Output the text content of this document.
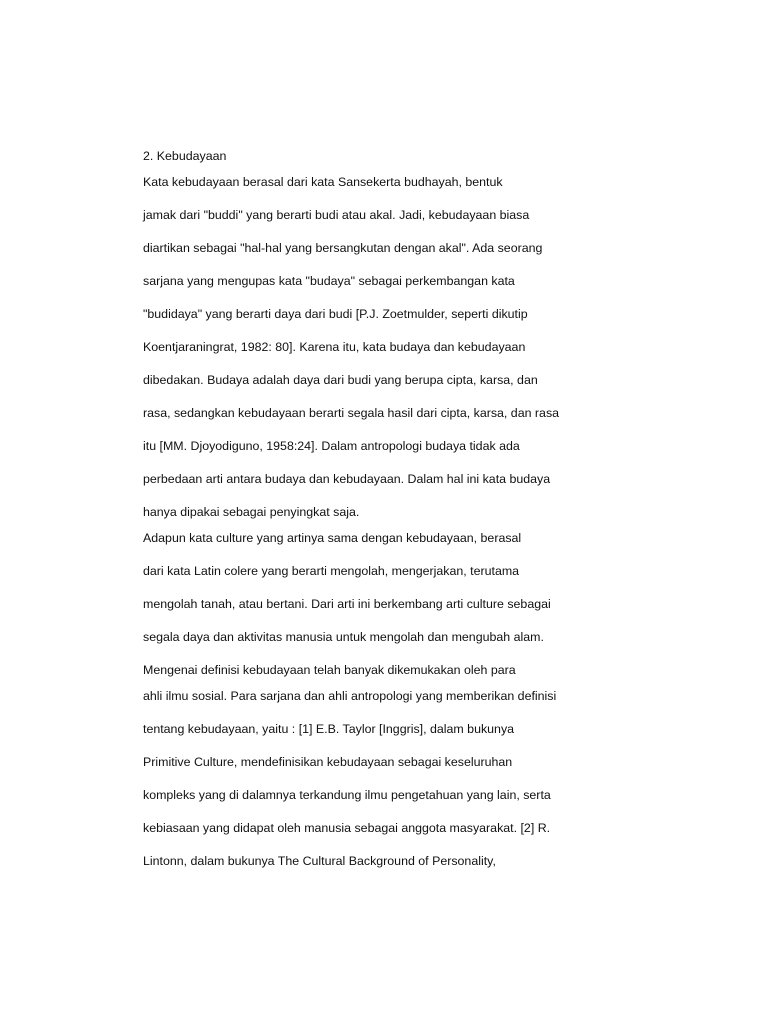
2. Kebudayaan
Kata kebudayaan berasal dari kata Sansekerta budhayah, bentuk
jamak dari "buddi" yang berarti budi atau akal. Jadi, kebudayaan biasa
diartikan sebagai "hal-hal yang bersangkutan dengan akal". Ada seorang
sarjana yang mengupas kata "budaya" sebagai perkembangan kata
"budidaya" yang berarti daya dari budi [P.J. Zoetmulder, seperti dikutip
Koentjaraningrat, 1982: 80]. Karena itu, kata budaya dan kebudayaan
dibedakan. Budaya adalah daya dari budi yang berupa cipta, karsa, dan
rasa, sedangkan kebudayaan berarti segala hasil dari cipta, karsa, dan rasa
itu [MM. Djoyodiguno, 1958:24]. Dalam antropologi budaya tidak ada
perbedaan arti antara budaya dan kebudayaan. Dalam hal ini kata budaya
hanya dipakai sebagai penyingkat saja.
Adapun kata culture yang artinya sama dengan kebudayaan, berasal
dari kata Latin colere yang berarti mengolah, mengerjakan, terutama
mengolah tanah, atau bertani. Dari arti ini berkembang arti culture sebagai
segala daya dan aktivitas manusia untuk mengolah dan mengubah alam.
Mengenai definisi kebudayaan telah banyak dikemukakan oleh para
ahli ilmu sosial. Para sarjana dan ahli antropologi yang memberikan definisi
tentang kebudayaan, yaitu : [1] E.B. Taylor [Inggris], dalam bukunya
Primitive Culture, mendefinisikan kebudayaan sebagai keseluruhan
kompleks yang di dalamnya terkandung ilmu pengetahuan yang lain, serta
kebiasaan yang didapat oleh manusia sebagai anggota masyarakat. [2] R.
Lintonn, dalam bukunya The Cultural Background of Personality,
